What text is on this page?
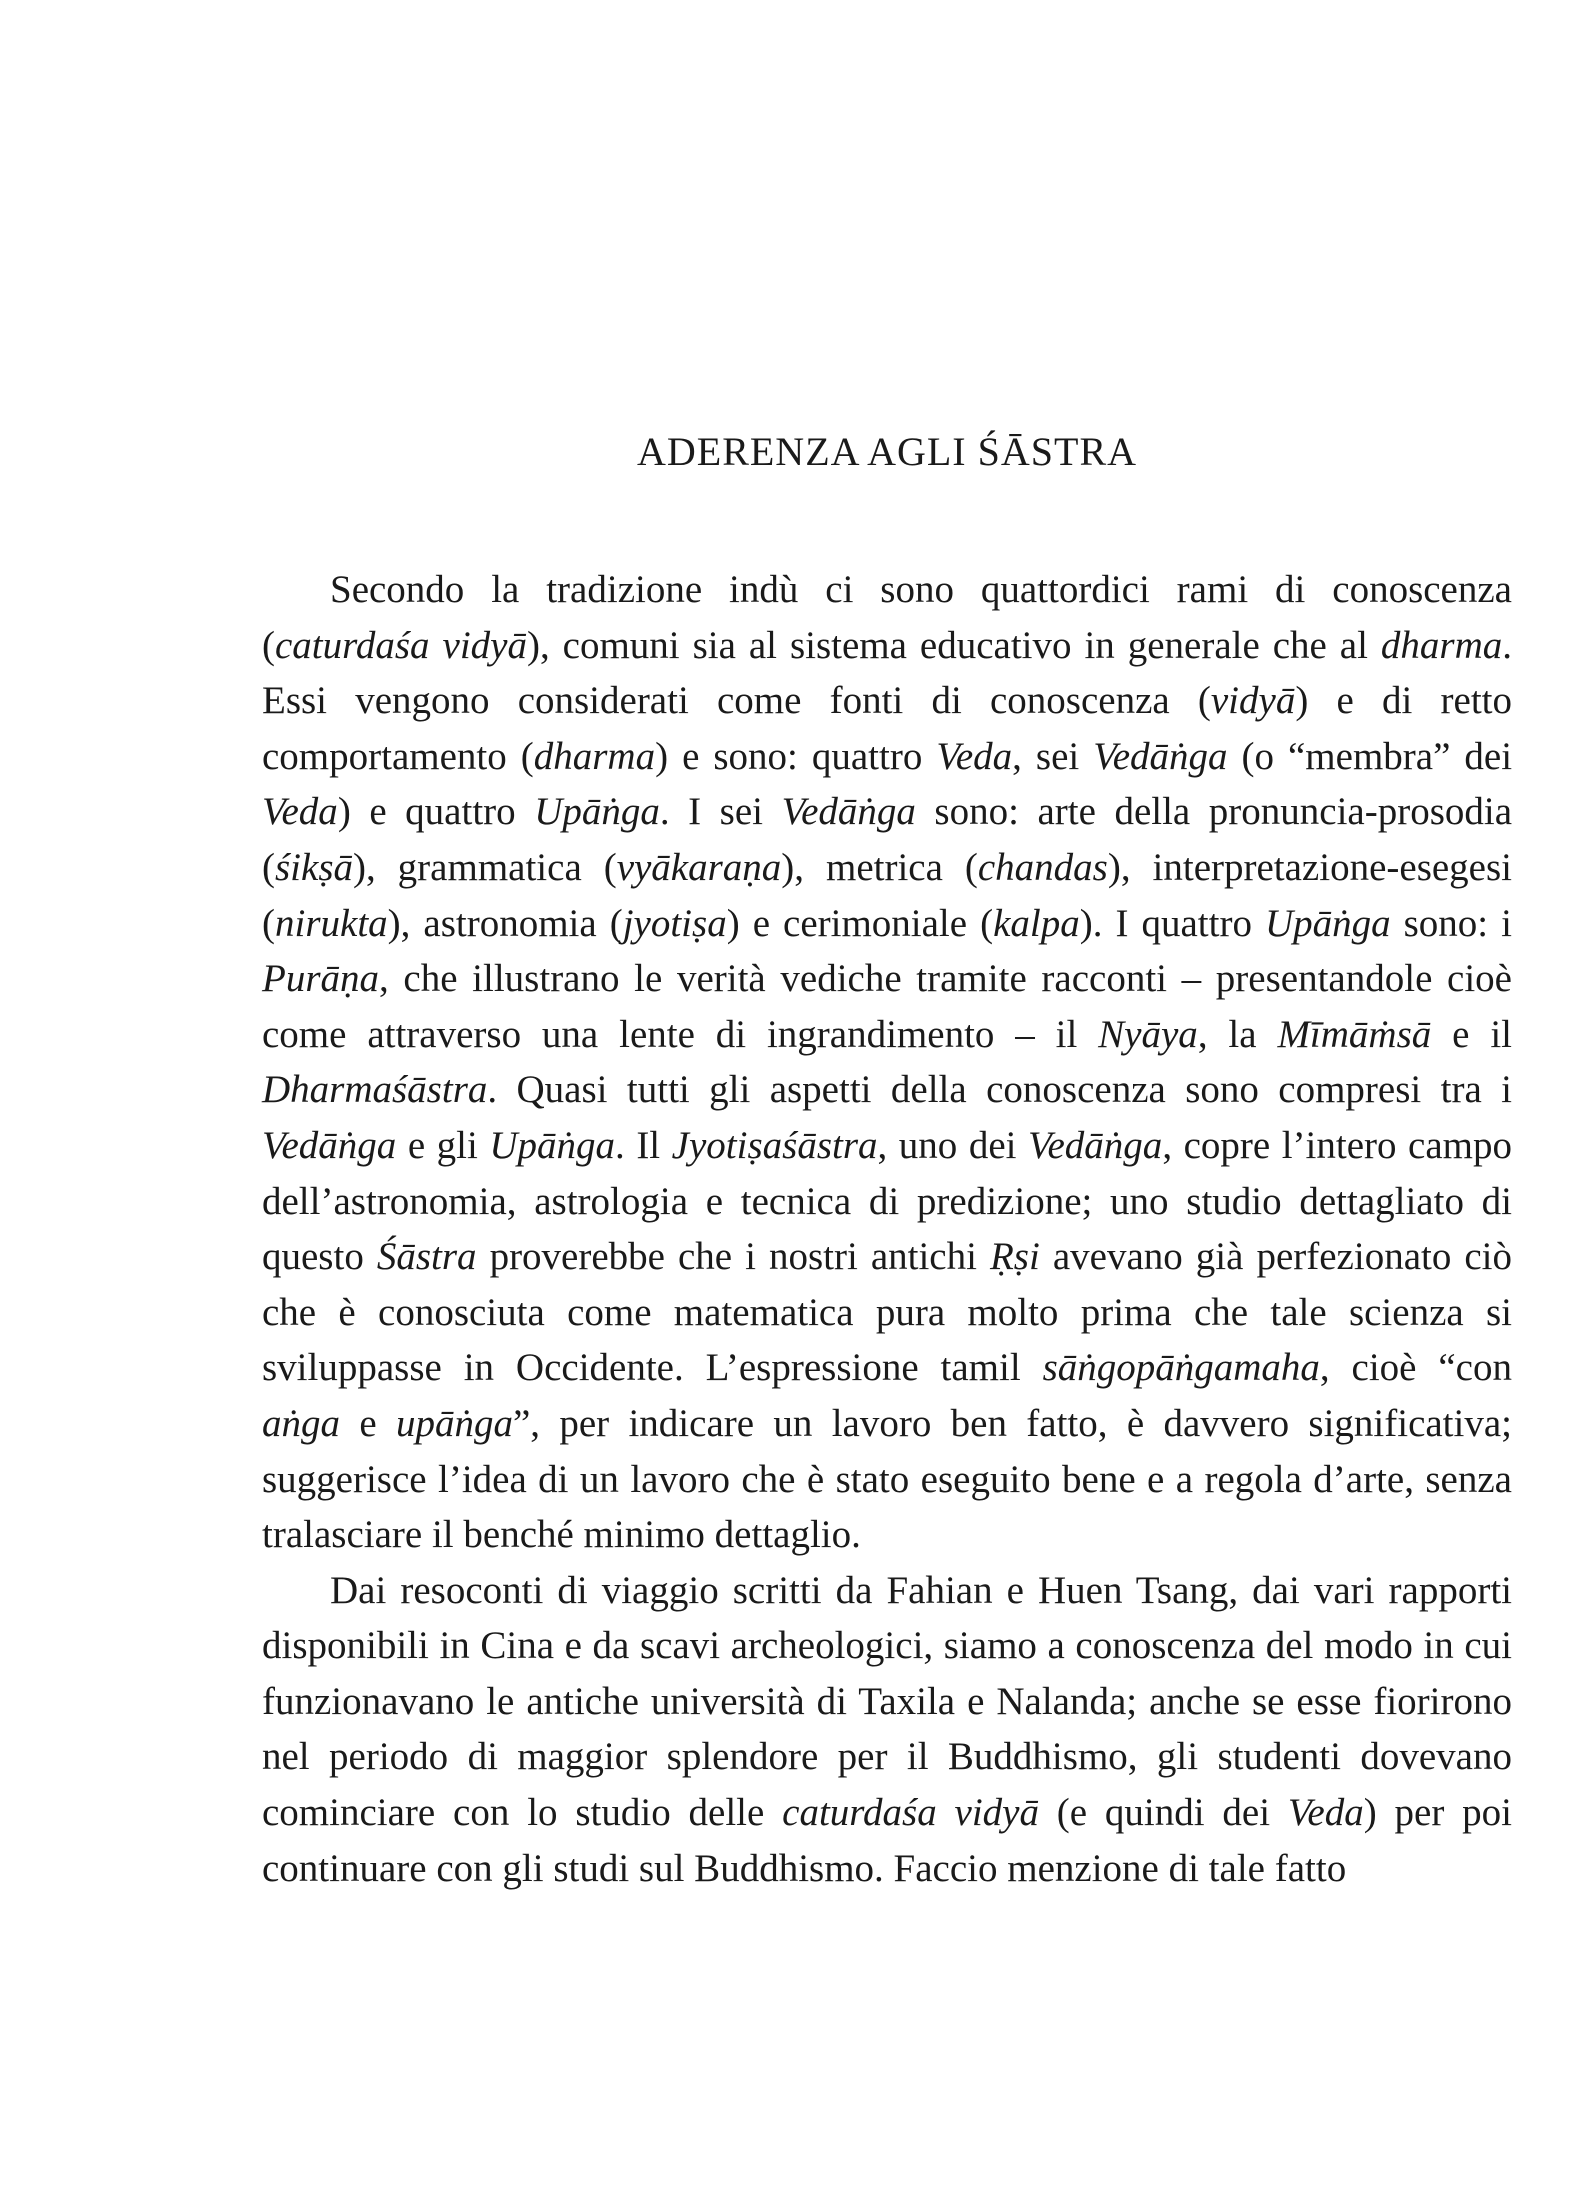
ADERENZA AGLI ŚĀSTRA

Secondo la tradizione indù ci sono quattordici rami di conoscenza (caturdaśa vidyā), comuni sia al sistema educativo in generale che al dharma. Essi vengono considerati come fonti di conoscenza (vidyā) e di retto comportamento (dharma) e sono: quattro Veda, sei Vedāṅga (o “membra” dei Veda) e quattro Upāṅga. I sei Vedāṅga sono: arte della pronuncia-prosodia (śikṣā), grammatica (vyākaraṇa), metrica (chandas), interpretazione-esegesi (nirukta), astronomia (jyotiṣa) e cerimoniale (kalpa). I quattro Upāṅga sono: i Purāṇa, che illustrano le verità vediche tramite racconti – presentandole cioè come attraverso una lente di ingrandimento – il Nyāya, la Mīmāṁsā e il Dharmaśāstra. Quasi tutti gli aspetti della conoscenza sono compresi tra i Vedāṅga e gli Upāṅga. Il Jyotiṣaśāstra, uno dei Vedāṅga, copre l’intero campo dell’astronomia, astrologia e tecnica di predizione; uno studio dettagliato di questo Śāstra proverebbe che i nostri antichi Ṛṣi avevano già perfezionato ciò che è conosciuta come matematica pura molto prima che tale scienza si sviluppasse in Occidente. L’espressione tamil sāṅgopāṅgamaha, cioè “con aṅga e upāṅga”, per indicare un lavoro ben fatto, è davvero significativa; suggerisce l’idea di un lavoro che è stato eseguito bene e a regola d’arte, senza tralasciare il benché minimo dettaglio.

Dai resoconti di viaggio scritti da Fahian e Huen Tsang, dai vari rapporti disponibili in Cina e da scavi archeologici, siamo a conoscenza del modo in cui funzionavano le antiche università di Taxila e Nalanda; anche se esse fiorirono nel periodo di maggior splendore per il Buddhismo, gli studenti dovevano cominciare con lo studio delle caturdaśa vidyā (e quindi dei Veda) per poi continuare con gli studi sul Buddhismo. Faccio menzione di tale fatto
